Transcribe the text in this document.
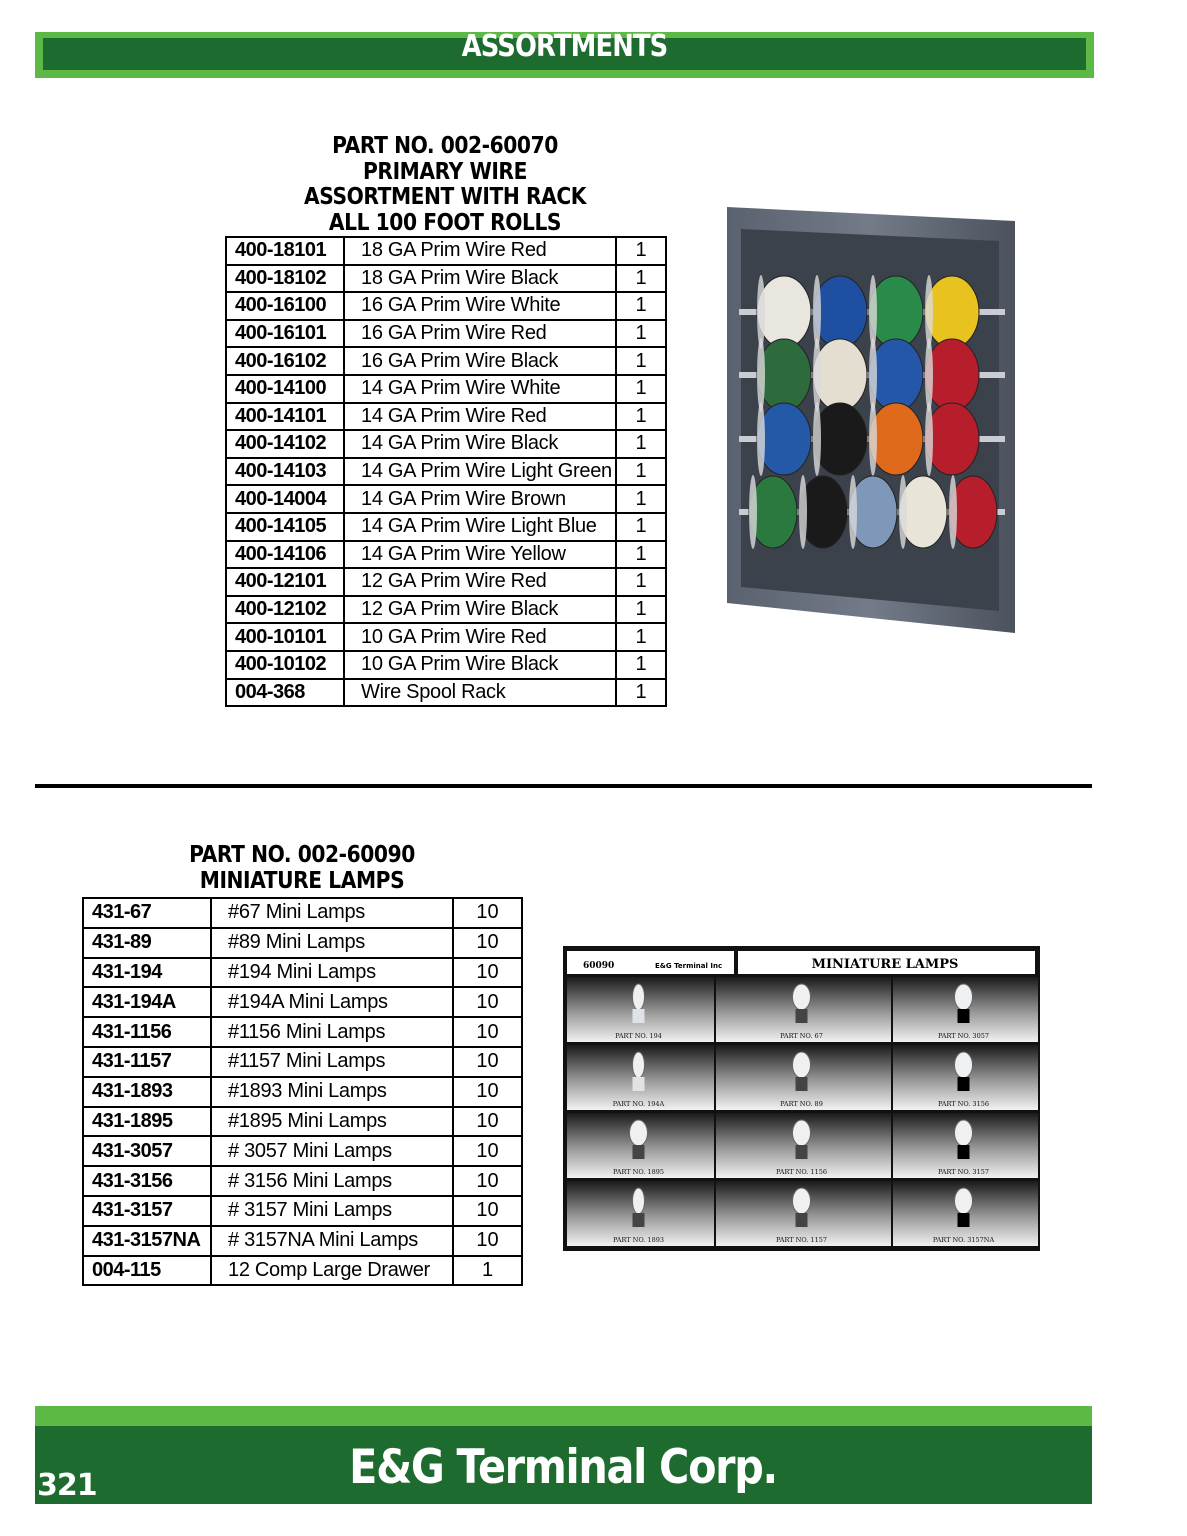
ASSORTMENTS
PART NO. 002-60070
PRIMARY WIRE
ASSORTMENT WITH RACK
ALL 100 FOOT ROLLS
400-18101	18 GA Prim Wire Red	1
400-18102	18 GA Prim Wire Black	1
400-16100	16 GA Prim Wire White	1
400-16101	16 GA Prim Wire Red	1
400-16102	16 GA Prim Wire Black	1
400-14100	14 GA Prim Wire White	1
400-14101	14 GA Prim Wire Red	1
400-14102	14 GA Prim Wire Black	1
400-14103	14 GA Prim Wire Light Green	1
400-14004	14 GA Prim Wire Brown	1
400-14105	14 GA Prim Wire Light Blue	1
400-14106	14 GA Prim Wire Yellow	1
400-12101	12 GA Prim Wire Red	1
400-12102	12 GA Prim Wire Black	1
400-10101	10 GA Prim Wire Red	1
400-10102	10 GA Prim Wire Black	1
004-368	Wire Spool Rack	1
PART NO. 002-60090
MINIATURE LAMPS
431-67	#67 Mini Lamps	10
431-89	#89 Mini Lamps	10
431-194	#194 Mini Lamps	10
431-194A	#194A Mini Lamps	10
431-1156	#1156 Mini Lamps	10
431-1157	#1157 Mini Lamps	10
431-1893	#1893 Mini Lamps	10
431-1895	#1895 Mini Lamps	10
431-3057	# 3057 Mini Lamps	10
431-3156	# 3156 Mini Lamps	10
431-3157	# 3157 Mini Lamps	10
431-3157NA	# 3157NA Mini Lamps	10
004-115	12 Comp Large Drawer	1
60090	E&G Terminal Inc	MINIATURE LAMPS
PART NO. 194	PART NO. 67	PART NO. 3057
PART NO. 194A	PART NO. 89	PART NO. 3156
PART NO. 1895	PART NO. 1156	PART NO. 3157
PART NO. 1893	PART NO. 1157	PART NO. 3157NA
E&G Terminal Corp.
321
